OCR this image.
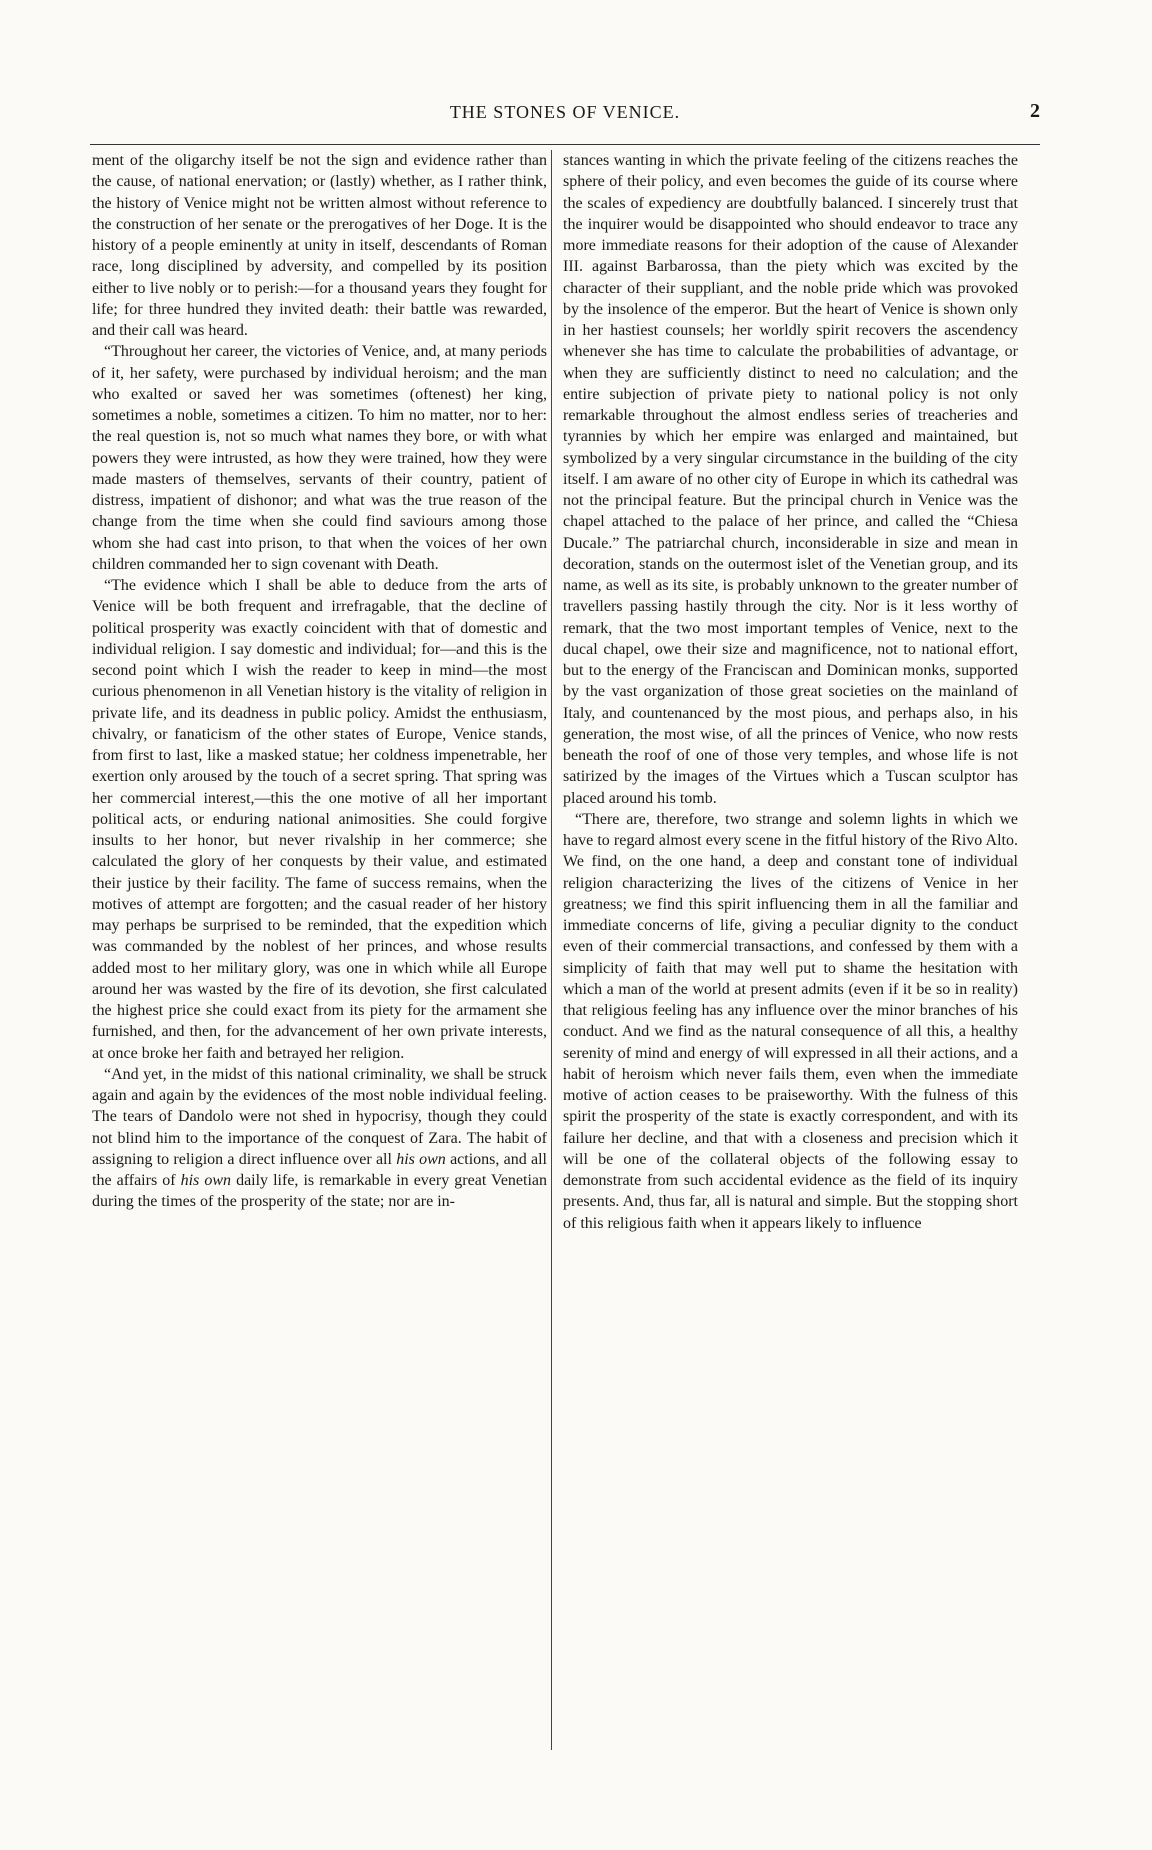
THE STONES OF VENICE.	2

ment of the oligarchy itself be not the sign and evidence rather than the cause, of national enervation; or (lastly) whether, as I rather think, the history of Venice might not be written almost without reference to the construction of her senate or the prerogatives of her Doge. It is the history of a people eminently at unity in itself, descendants of Roman race, long disciplined by adversity, and compelled by its position either to live nobly or to perish:—for a thousand years they fought for life; for three hundred they invited death: their battle was rewarded, and their call was heard.

“Throughout her career, the victories of Venice, and, at many periods of it, her safety, were purchased by individual heroism; and the man who exalted or saved her was sometimes (oftenest) her king, sometimes a noble, sometimes a citizen. To him no matter, nor to her: the real question is, not so much what names they bore, or with what powers they were intrusted, as how they were trained, how they were made masters of themselves, servants of their country, patient of distress, impatient of dishonor; and what was the true reason of the change from the time when she could find saviours among those whom she had cast into prison, to that when the voices of her own children commanded her to sign covenant with Death.

“The evidence which I shall be able to deduce from the arts of Venice will be both frequent and irrefragable, that the decline of political prosperity was exactly coincident with that of domestic and individual religion. I say domestic and individual; for—and this is the second point which I wish the reader to keep in mind—the most curious phenomenon in all Venetian history is the vitality of religion in private life, and its deadness in public policy. Amidst the enthusiasm, chivalry, or fanaticism of the other states of Europe, Venice stands, from first to last, like a masked statue; her coldness impenetrable, her exertion only aroused by the touch of a secret spring. That spring was her commercial interest,—this the one motive of all her important political acts, or enduring national animosities. She could forgive insults to her honor, but never rivalship in her commerce; she calculated the glory of her conquests by their value, and estimated their justice by their facility. The fame of success remains, when the motives of attempt are forgotten; and the casual reader of her history may perhaps be surprised to be reminded, that the expedition which was commanded by the noblest of her princes, and whose results added most to her military glory, was one in which while all Europe around her was wasted by the fire of its devotion, she first calculated the highest price she could exact from its piety for the armament she furnished, and then, for the advancement of her own private interests, at once broke her faith and betrayed her religion.

“And yet, in the midst of this national criminality, we shall be struck again and again by the evidences of the most noble individual feeling. The tears of Dandolo were not shed in hypocrisy, though they could not blind him to the importance of the conquest of Zara. The habit of assigning to religion a direct influence over all his own actions, and all the affairs of his own daily life, is remarkable in every great Venetian during the times of the prosperity of the state; nor are in-

stances wanting in which the private feeling of the citizens reaches the sphere of their policy, and even becomes the guide of its course where the scales of expediency are doubtfully balanced. I sincerely trust that the inquirer would be disappointed who should endeavor to trace any more immediate reasons for their adoption of the cause of Alexander III. against Barbarossa, than the piety which was excited by the character of their suppliant, and the noble pride which was provoked by the insolence of the emperor. But the heart of Venice is shown only in her hastiest counsels; her worldly spirit recovers the ascendency whenever she has time to calculate the probabilities of advantage, or when they are sufficiently distinct to need no calculation; and the entire subjection of private piety to national policy is not only remarkable throughout the almost endless series of treacheries and tyrannies by which her empire was enlarged and maintained, but symbolized by a very singular circumstance in the building of the city itself. I am aware of no other city of Europe in which its cathedral was not the principal feature. But the principal church in Venice was the chapel attached to the palace of her prince, and called the “Chiesa Ducale.” The patriarchal church, inconsiderable in size and mean in decoration, stands on the outermost islet of the Venetian group, and its name, as well as its site, is probably unknown to the greater number of travellers passing hastily through the city. Nor is it less worthy of remark, that the two most important temples of Venice, next to the ducal chapel, owe their size and magnificence, not to national effort, but to the energy of the Franciscan and Dominican monks, supported by the vast organization of those great societies on the mainland of Italy, and countenanced by the most pious, and perhaps also, in his generation, the most wise, of all the princes of Venice, who now rests beneath the roof of one of those very temples, and whose life is not satirized by the images of the Virtues which a Tuscan sculptor has placed around his tomb.

“There are, therefore, two strange and solemn lights in which we have to regard almost every scene in the fitful history of the Rivo Alto. We find, on the one hand, a deep and constant tone of individual religion characterizing the lives of the citizens of Venice in her greatness; we find this spirit influencing them in all the familiar and immediate concerns of life, giving a peculiar dignity to the conduct even of their commercial transactions, and confessed by them with a simplicity of faith that may well put to shame the hesitation with which a man of the world at present admits (even if it be so in reality) that religious feeling has any influence over the minor branches of his conduct. And we find as the natural consequence of all this, a healthy serenity of mind and energy of will expressed in all their actions, and a habit of heroism which never fails them, even when the immediate motive of action ceases to be praiseworthy. With the fulness of this spirit the prosperity of the state is exactly correspondent, and with its failure her decline, and that with a closeness and precision which it will be one of the collateral objects of the following essay to demonstrate from such accidental evidence as the field of its inquiry presents. And, thus far, all is natural and simple. But the stopping short of this religious faith when it appears likely to influence
